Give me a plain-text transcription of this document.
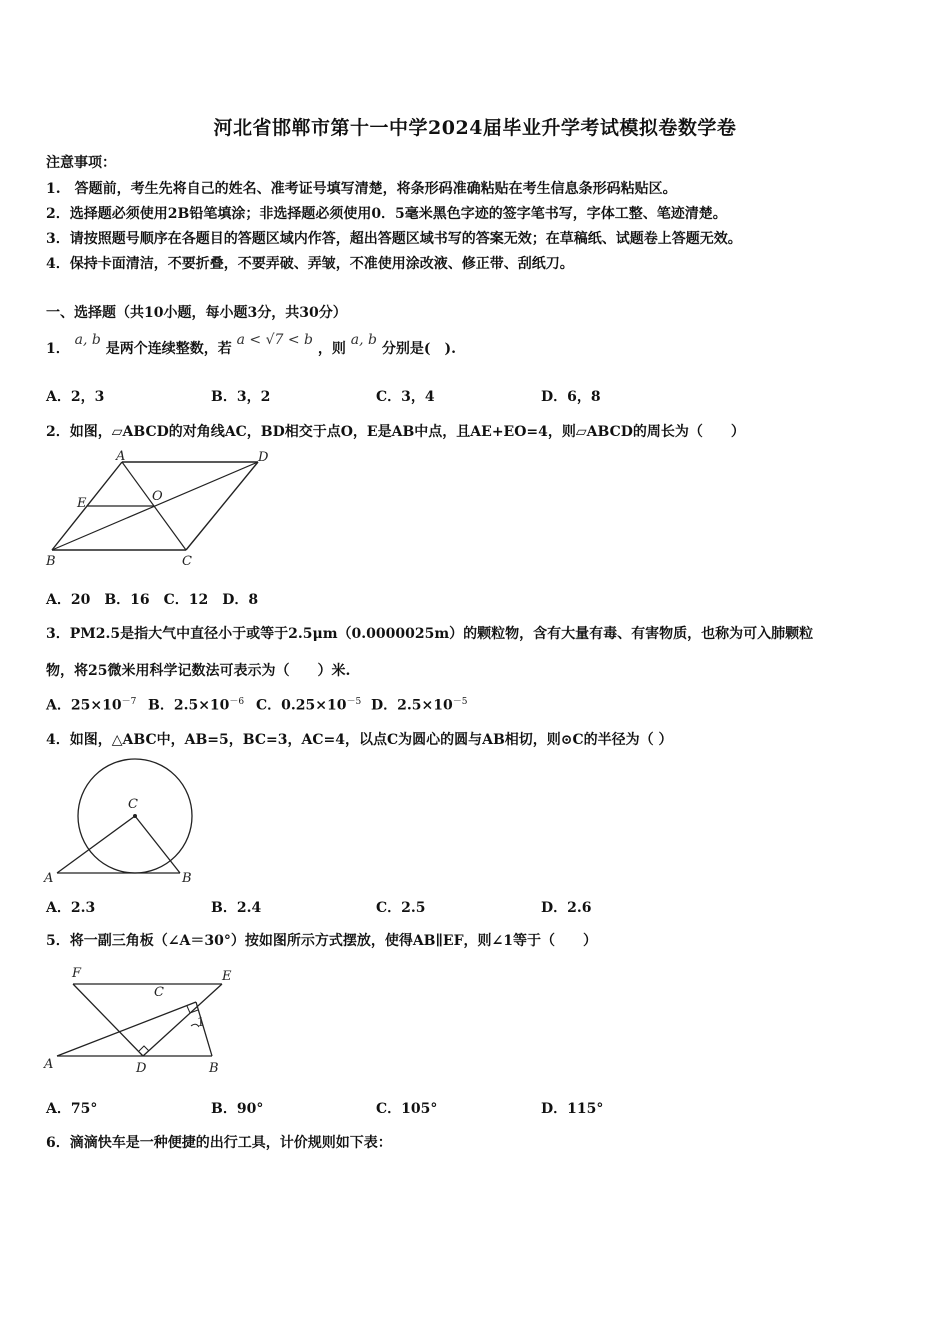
河北省邯郸市第十一中学2024届毕业升学考试模拟卷数学卷
注意事项：
1.　答题前，考生先将自己的姓名、准考证号填写清楚，将条形码准确粘贴在考生信息条形码粘贴区。
2．选择题必须使用2B铅笔填涂；非选择题必须使用0．5毫米黑色字迹的签字笔书写，字体工整、笔迹清楚。
3．请按照题号顺序在各题目的答题区域内作答，超出答题区域书写的答案无效；在草稿纸、试题卷上答题无效。
4．保持卡面清洁，不要折叠，不要弄破、弄皱，不准使用涂改液、修正带、刮纸刀。
一、选择题（共10小题，每小题3分，共30分）
1． a, b 是两个连续整数，若 a < √7 < b ，则 a, b 分别是(　).
A．2，3	B．3，2	C．3，4	D．6，8
2．如图，▱ABCD的对角线AC，BD相交于点O，E是AB中点，且AE+EO=4，则▱ABCD的周长为（　　）
A	D
E	O
B	C
A．20　B．16　C．12　D．8
3．PM2.5是指大气中直径小于或等于2.5μm（0.0000025m）的颗粒物，含有大量有毒、有害物质，也称为可入肺颗粒
物，将25微米用科学记数法可表示为（　　）米.
A．$25\times 10^{-7}$ B．$2.5\times 10^{-6}$ C．$0.25\times 10^{-5}$ D．$2.5\times 10^{-5}$
4．如图，△ABC中，AB=5，BC=3，AC=4，以点C为圆心的圆与AB相切，则⊙C的半径为（ ）
C
A	B
A．2.3	B．2.4	C．2.5	D．2.6
5．将一副三角板（∠A＝30°）按如图所示方式摆放，使得AB∥EF，则∠1等于（　　）
F	E
C
1
A	D	B
A．75°	B．90°	C．105°	D．115°
6．滴滴快车是一种便捷的出行工具，计价规则如下表：
